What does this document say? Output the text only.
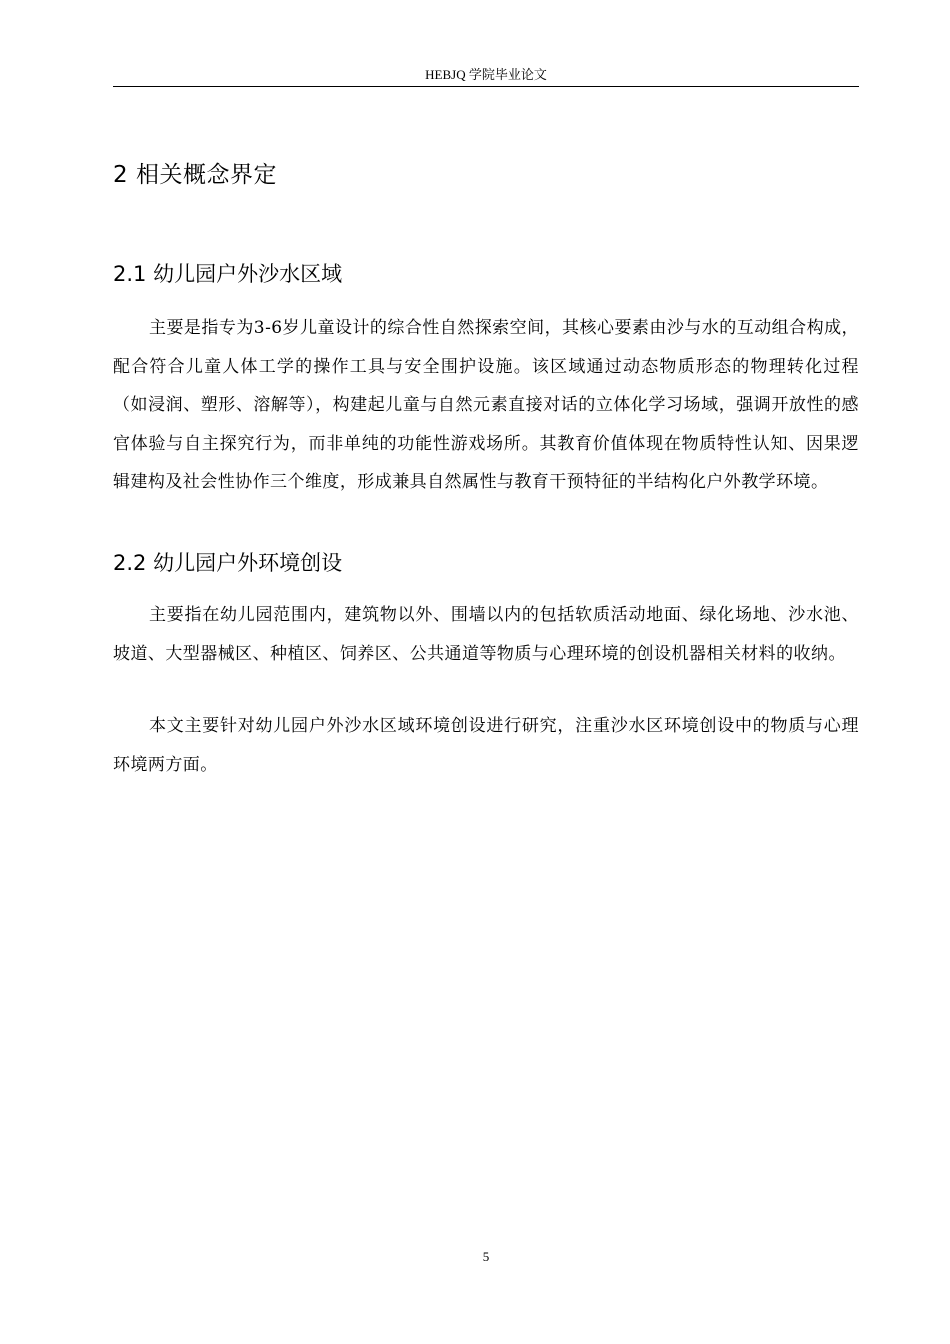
HEBJQ 学院毕业论文
2 相关概念界定
2.1 幼儿园户外沙水区域

主要是指专为3-6岁儿童设计的综合性自然探索空间，其核心要素由沙与水的互动组合构成，配合符合儿童人体工学的操作工具与安全围护设施。该区域通过动态物质形态的物理转化过程（如浸润、塑形、溶解等），构建起儿童与自然元素直接对话的立体化学习场域，强调开放性的感官体验与自主探究行为，而非单纯的功能性游戏场所。其教育价值体现在物质特性认知、因果逻辑建构及社会性协作三个维度，形成兼具自然属性与教育干预特征的半结构化户外教学环境。

2.2 幼儿园户外环境创设

主要指在幼儿园范围内，建筑物以外、围墙以内的包括软质活动地面、绿化场地、沙水池、坡道、大型器械区、种植区、饲养区、公共通道等物质与心理环境的创设机器相关材料的收纳。

本文主要针对幼儿园户外沙水区域环境创设进行研究，注重沙水区环境创设中的物质与心理环境两方面。

5
